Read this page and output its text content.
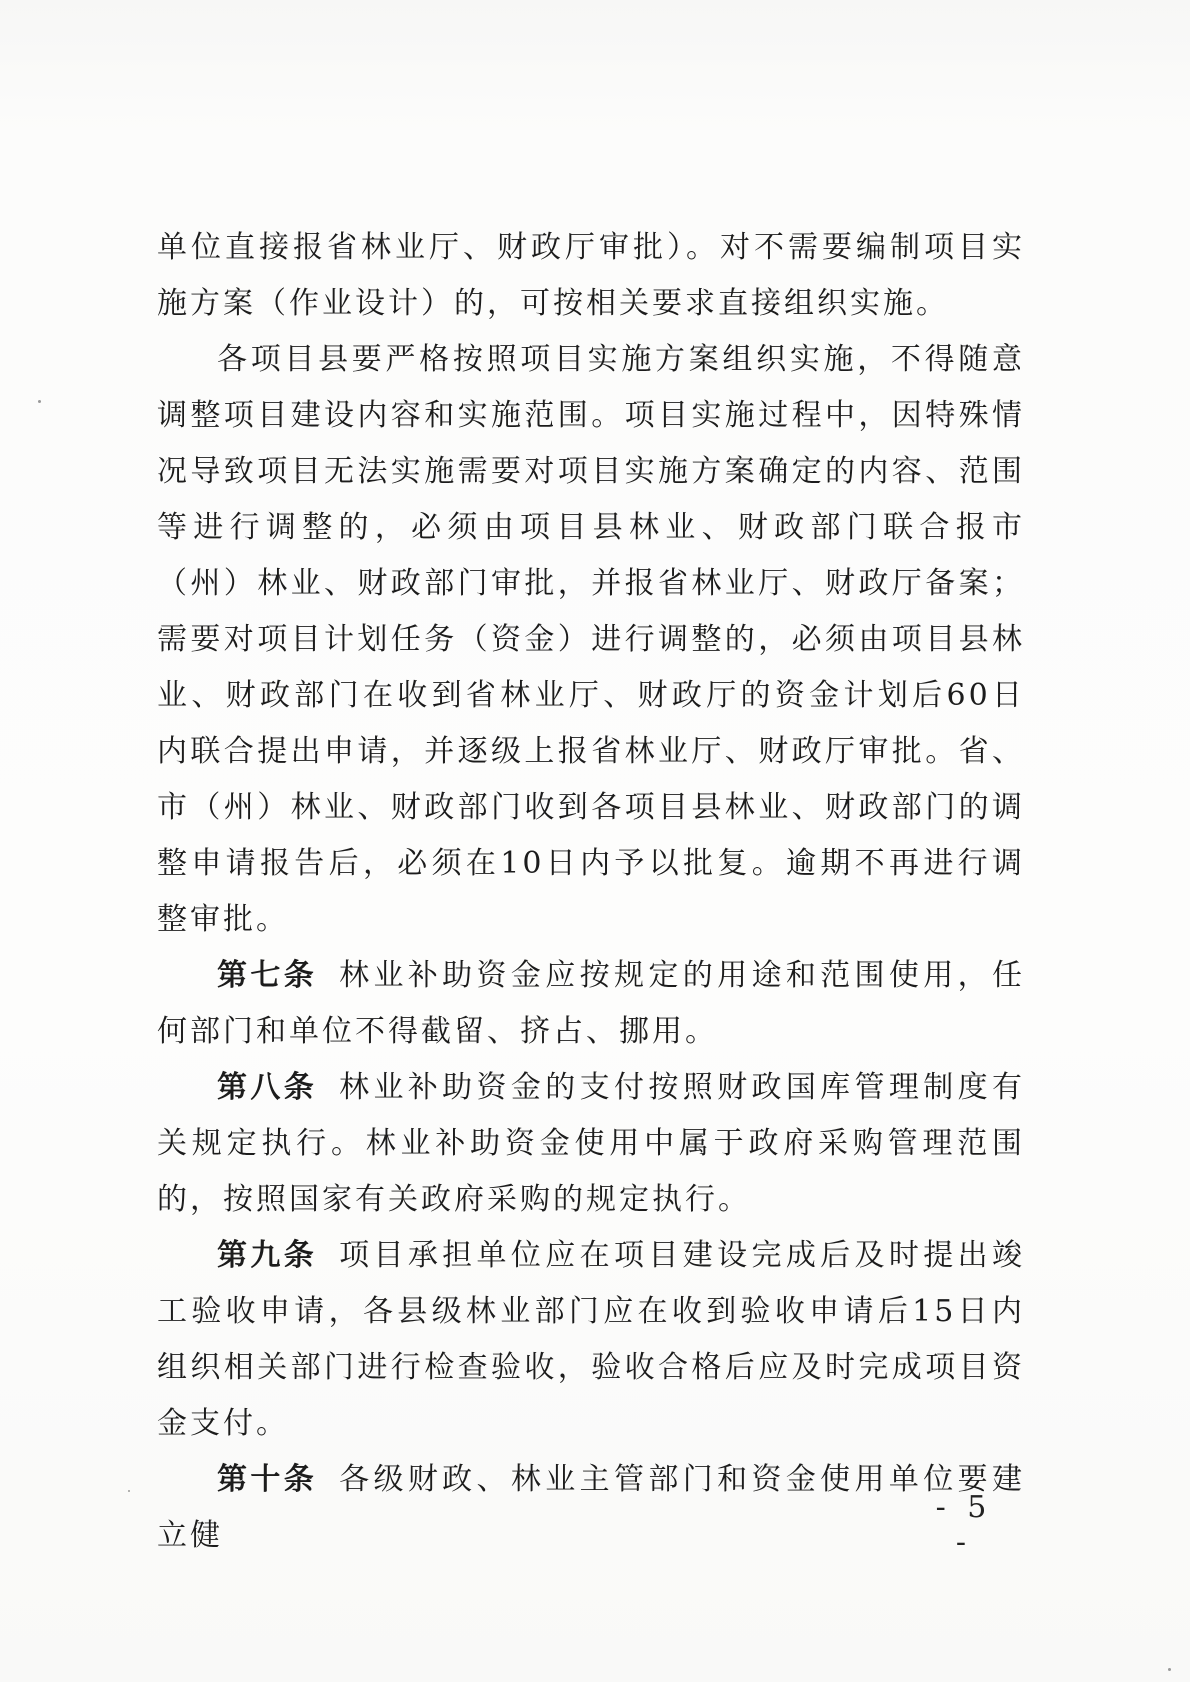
单位直接报省林业厅、财政厅审批）。对不需要编制项目实施方案（作业设计）的，可按相关要求直接组织实施。

各项目县要严格按照项目实施方案组织实施，不得随意调整项目建设内容和实施范围。项目实施过程中，因特殊情况导致项目无法实施需要对项目实施方案确定的内容、范围等进行调整的，必须由项目县林业、财政部门联合报市（州）林业、财政部门审批，并报省林业厅、财政厅备案；需要对项目计划任务（资金）进行调整的，必须由项目县林业、财政部门在收到省林业厅、财政厅的资金计划后60日内联合提出申请，并逐级上报省林业厅、财政厅审批。省、市（州）林业、财政部门收到各项目县林业、财政部门的调整申请报告后，必须在10日内予以批复。逾期不再进行调整审批。

第七条 林业补助资金应按规定的用途和范围使用，任何部门和单位不得截留、挤占、挪用。

第八条 林业补助资金的支付按照财政国库管理制度有关规定执行。林业补助资金使用中属于政府采购管理范围的，按照国家有关政府采购的规定执行。

第九条 项目承担单位应在项目建设完成后及时提出竣工验收申请，各县级林业部门应在收到验收申请后15日内组织相关部门进行检查验收，验收合格后应及时完成项目资金支付。

第十条 各级财政、林业主管部门和资金使用单位要建立健

- 5 -
